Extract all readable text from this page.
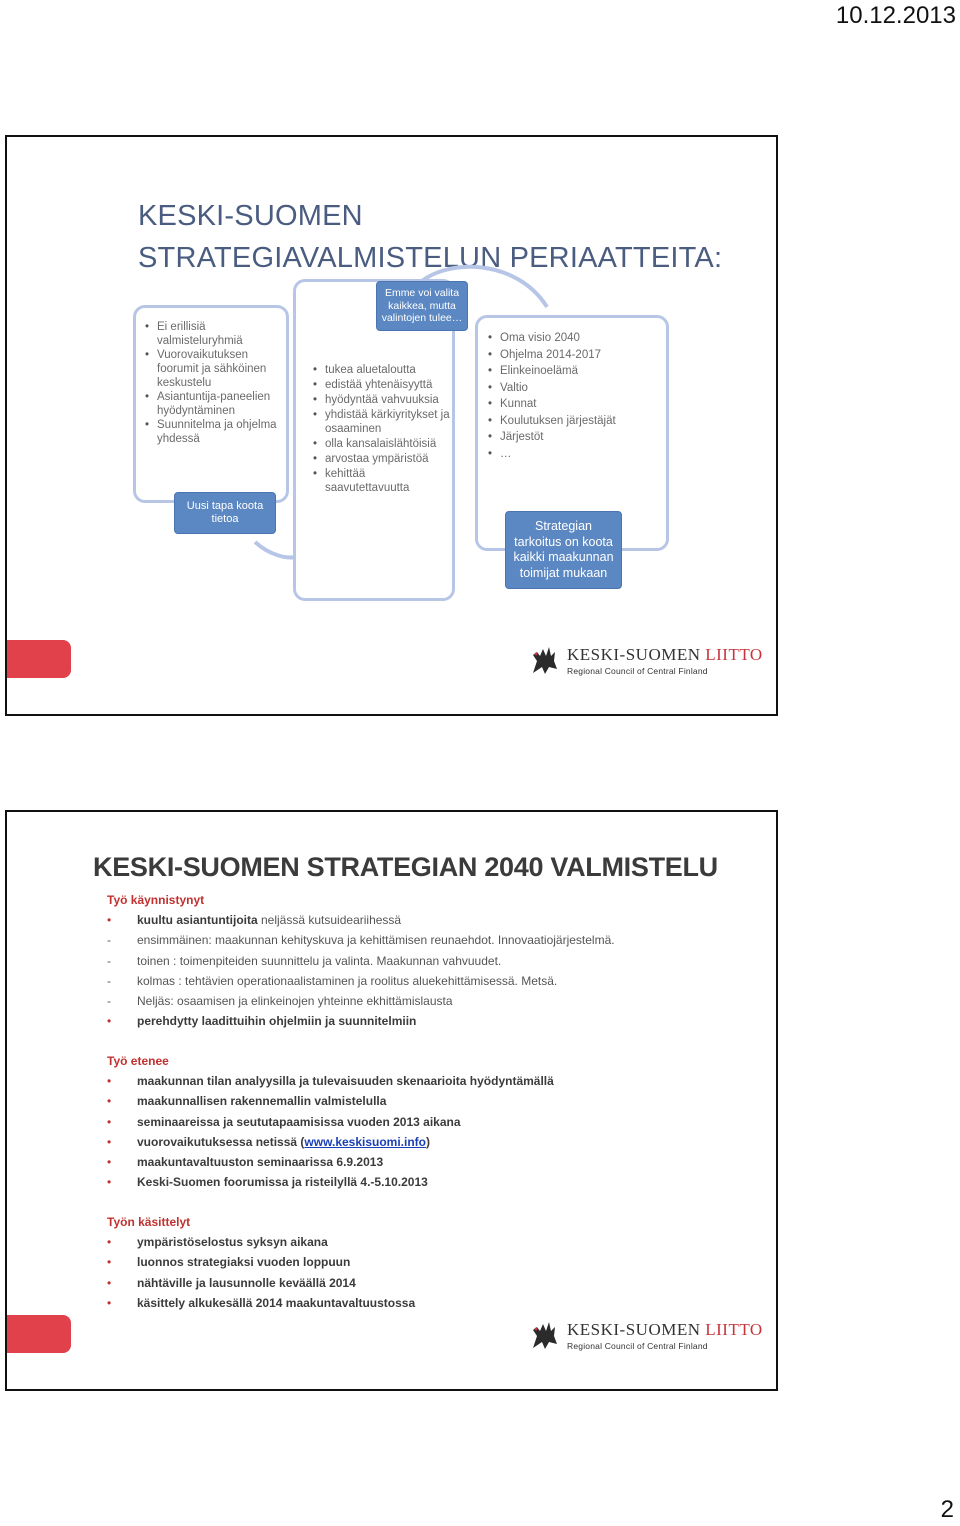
10.12.2013
KESKI-SUOMEN
STRATEGIAVALMISTELUN PERIAATTEITA:
• Ei erillisiä valmisteluryhmiä
• Vuorovaikutuksen foorumit ja sähköinen keskustelu
• Asiantuntija-paneelien hyödyntäminen
• Suunnitelma ja ohjelma yhdessä
Uusi tapa koota tietoa
Emme voi valita kaikkea, mutta valintojen tulee…
• tukea aluetaloutta
• edistää yhtenäisyyttä
• hyödyntää vahvuuksia
• yhdistää kärkiyritykset ja osaaminen
• olla kansalaislähtöisiä
• arvostaa ympäristöä
• kehittää saavutettavuutta
• Oma visio 2040
• Ohjelma 2014-2017
• Elinkeinoelämä
• Valtio
• Kunnat
• Koulutuksen järjestäjät
• Järjestöt
• …
Strategian tarkoitus on koota kaikki maakunnan toimijat mukaan
KESKI-SUOMEN LIITTO
Regional Council of Central Finland
KESKI-SUOMEN STRATEGIAN 2040 VALMISTELU
Työ käynnistynyt
• kuultu asiantuntijoita neljässä kutsuideariihessä
- ensimmäinen: maakunnan kehityskuva ja kehittämisen reunaehdot. Innovaatiojärjestelmä.
- toinen : toimenpiteiden suunnittelu ja valinta. Maakunnan vahvuudet.
- kolmas : tehtävien operationaalistaminen ja roolitus aluekehittämisessä. Metsä.
- Neljäs: osaamisen ja elinkeinojen yhteinne ekhittämislausta
• perehdytty laadittuihin ohjelmiin ja suunnitelmiin
Työ etenee
• maakunnan tilan analyysilla ja tulevaisuuden skenaarioita hyödyntämällä
• maakunnallisen rakennemallin valmistelulla
• seminaareissa ja seututapaamisissa vuoden 2013 aikana
• vuorovaikutuksessa netissä (www.keskisuomi.info)
• maakuntavaltuuston seminaarissa 6.9.2013
• Keski-Suomen foorumissa ja risteilyllä 4.-5.10.2013
Työn käsittelyt
• ympäristöselostus syksyn aikana
• luonnos strategiaksi vuoden loppuun
• nähtäville ja lausunnolle keväällä 2014
• käsittely alkukesällä 2014 maakuntavaltuustossa
KESKI-SUOMEN LIITTO
Regional Council of Central Finland
2
